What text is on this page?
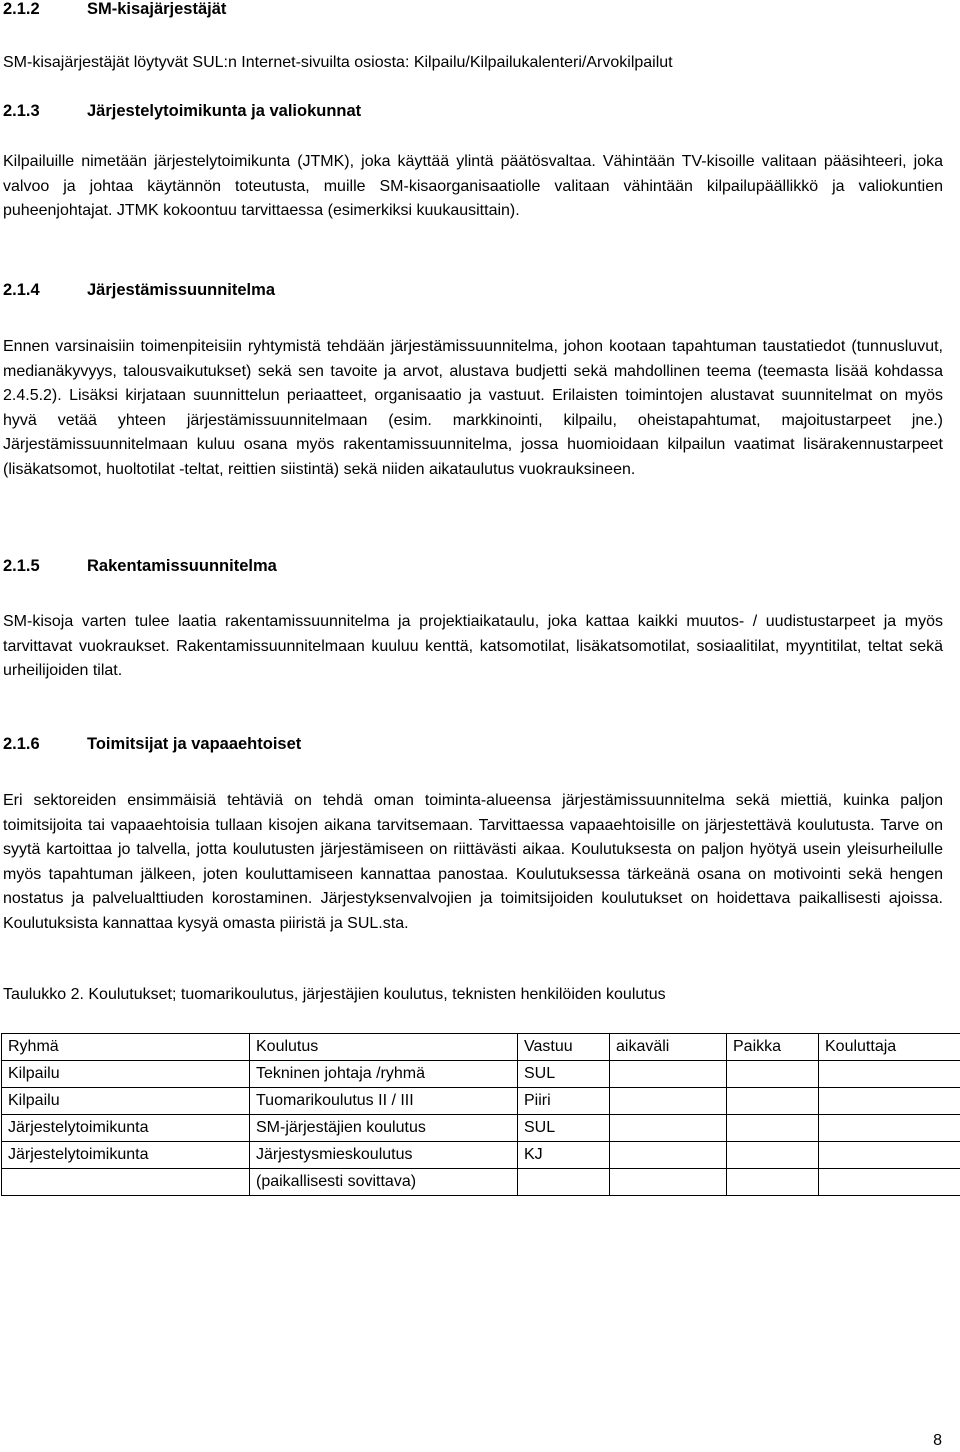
2.1.2	SM-kisajärjestäjät

SM-kisajärjestäjät löytyvät SUL:n Internet-sivuilta osiosta: Kilpailu/Kilpailukalenteri/Arvokilpailut

2.1.3	Järjestelytoimikunta ja valiokunnat

Kilpailuille nimetään järjestelytoimikunta (JTMK), joka käyttää ylintä päätösvaltaa. Vähintään TV-kisoille valitaan pääsihteeri, joka valvoo ja johtaa käytännön toteutusta, muille SM-kisaorganisaatiolle valitaan vähintään kilpailupäällikkö ja valiokuntien puheenjohtajat. JTMK kokoontuu tarvittaessa (esimerkiksi kuukausittain).

2.1.4	Järjestämissuunnitelma

Ennen varsinaisiin toimenpiteisiin ryhtymistä tehdään järjestämissuunnitelma, johon kootaan tapahtuman taustatiedot (tunnusluvut, medianäkyvyys, talousvaikutukset) sekä sen tavoite ja arvot, alustava budjetti sekä mahdollinen teema (teemasta lisää kohdassa 2.4.5.2). Lisäksi kirjataan suunnittelun periaatteet, organisaatio ja vastuut. Erilaisten toimintojen alustavat suunnitelmat on myös hyvä vetää yhteen järjestämissuunnitelmaan (esim. markkinointi, kilpailu, oheistapahtumat, majoitustarpeet jne.) Järjestämissuunnitelmaan kuluu osana myös rakentamissuunnitelma, jossa huomioidaan kilpailun vaatimat lisärakennustarpeet (lisäkatsomot, huoltotilat -teltat, reittien siistintä) sekä niiden aikataulutus vuokrauksineen.

2.1.5	Rakentamissuunnitelma

SM-kisoja varten tulee laatia rakentamissuunnitelma ja projektiaikataulu, joka kattaa kaikki muutos- / uudistustarpeet ja myös tarvittavat vuokraukset. Rakentamissuunnitelmaan kuuluu kenttä, katsomotilat, lisäkatsomotilat, sosiaalitilat, myyntitilat, teltat sekä urheilijoiden tilat.

2.1.6	Toimitsijat ja vapaaehtoiset

Eri sektoreiden ensimmäisiä tehtäviä on tehdä oman toiminta-alueensa järjestämissuunnitelma sekä miettiä, kuinka paljon toimitsijoita tai vapaaehtoisia tullaan kisojen aikana tarvitsemaan. Tarvittaessa vapaaehtoisille on järjestettävä koulutusta. Tarve on syytä kartoittaa jo talvella, jotta koulutusten järjestämiseen on riittävästi aikaa. Koulutuksesta on paljon hyötyä usein yleisurheilulle myös tapahtuman jälkeen, joten kouluttamiseen kannattaa panostaa. Koulutuksessa tärkeänä osana on motivointi sekä hengen nostatus ja palvelualttiuden korostaminen. Järjestyksenvalvojien ja toimitsijoiden koulutukset on hoidettava paikallisesti ajoissa. Koulutuksista kannattaa kysyä omasta piiristä ja SUL.sta.

Taulukko 2. Koulutukset; tuomarikoulutus, järjestäjien koulutus, teknisten henkilöiden koulutus
Ryhmä	Koulutus	Vastuu	aikaväli	Paikka	Kouluttaja
Kilpailu	Tekninen johtaja /ryhmä	SUL			
Kilpailu	Tuomarikoulutus II / III	Piiri			
Järjestelytoimikunta	SM-järjestäjien koulutus	SUL			
Järjestelytoimikunta	Järjestysmieskoulutus	KJ			
	(paikallisesti sovittava)				
8
